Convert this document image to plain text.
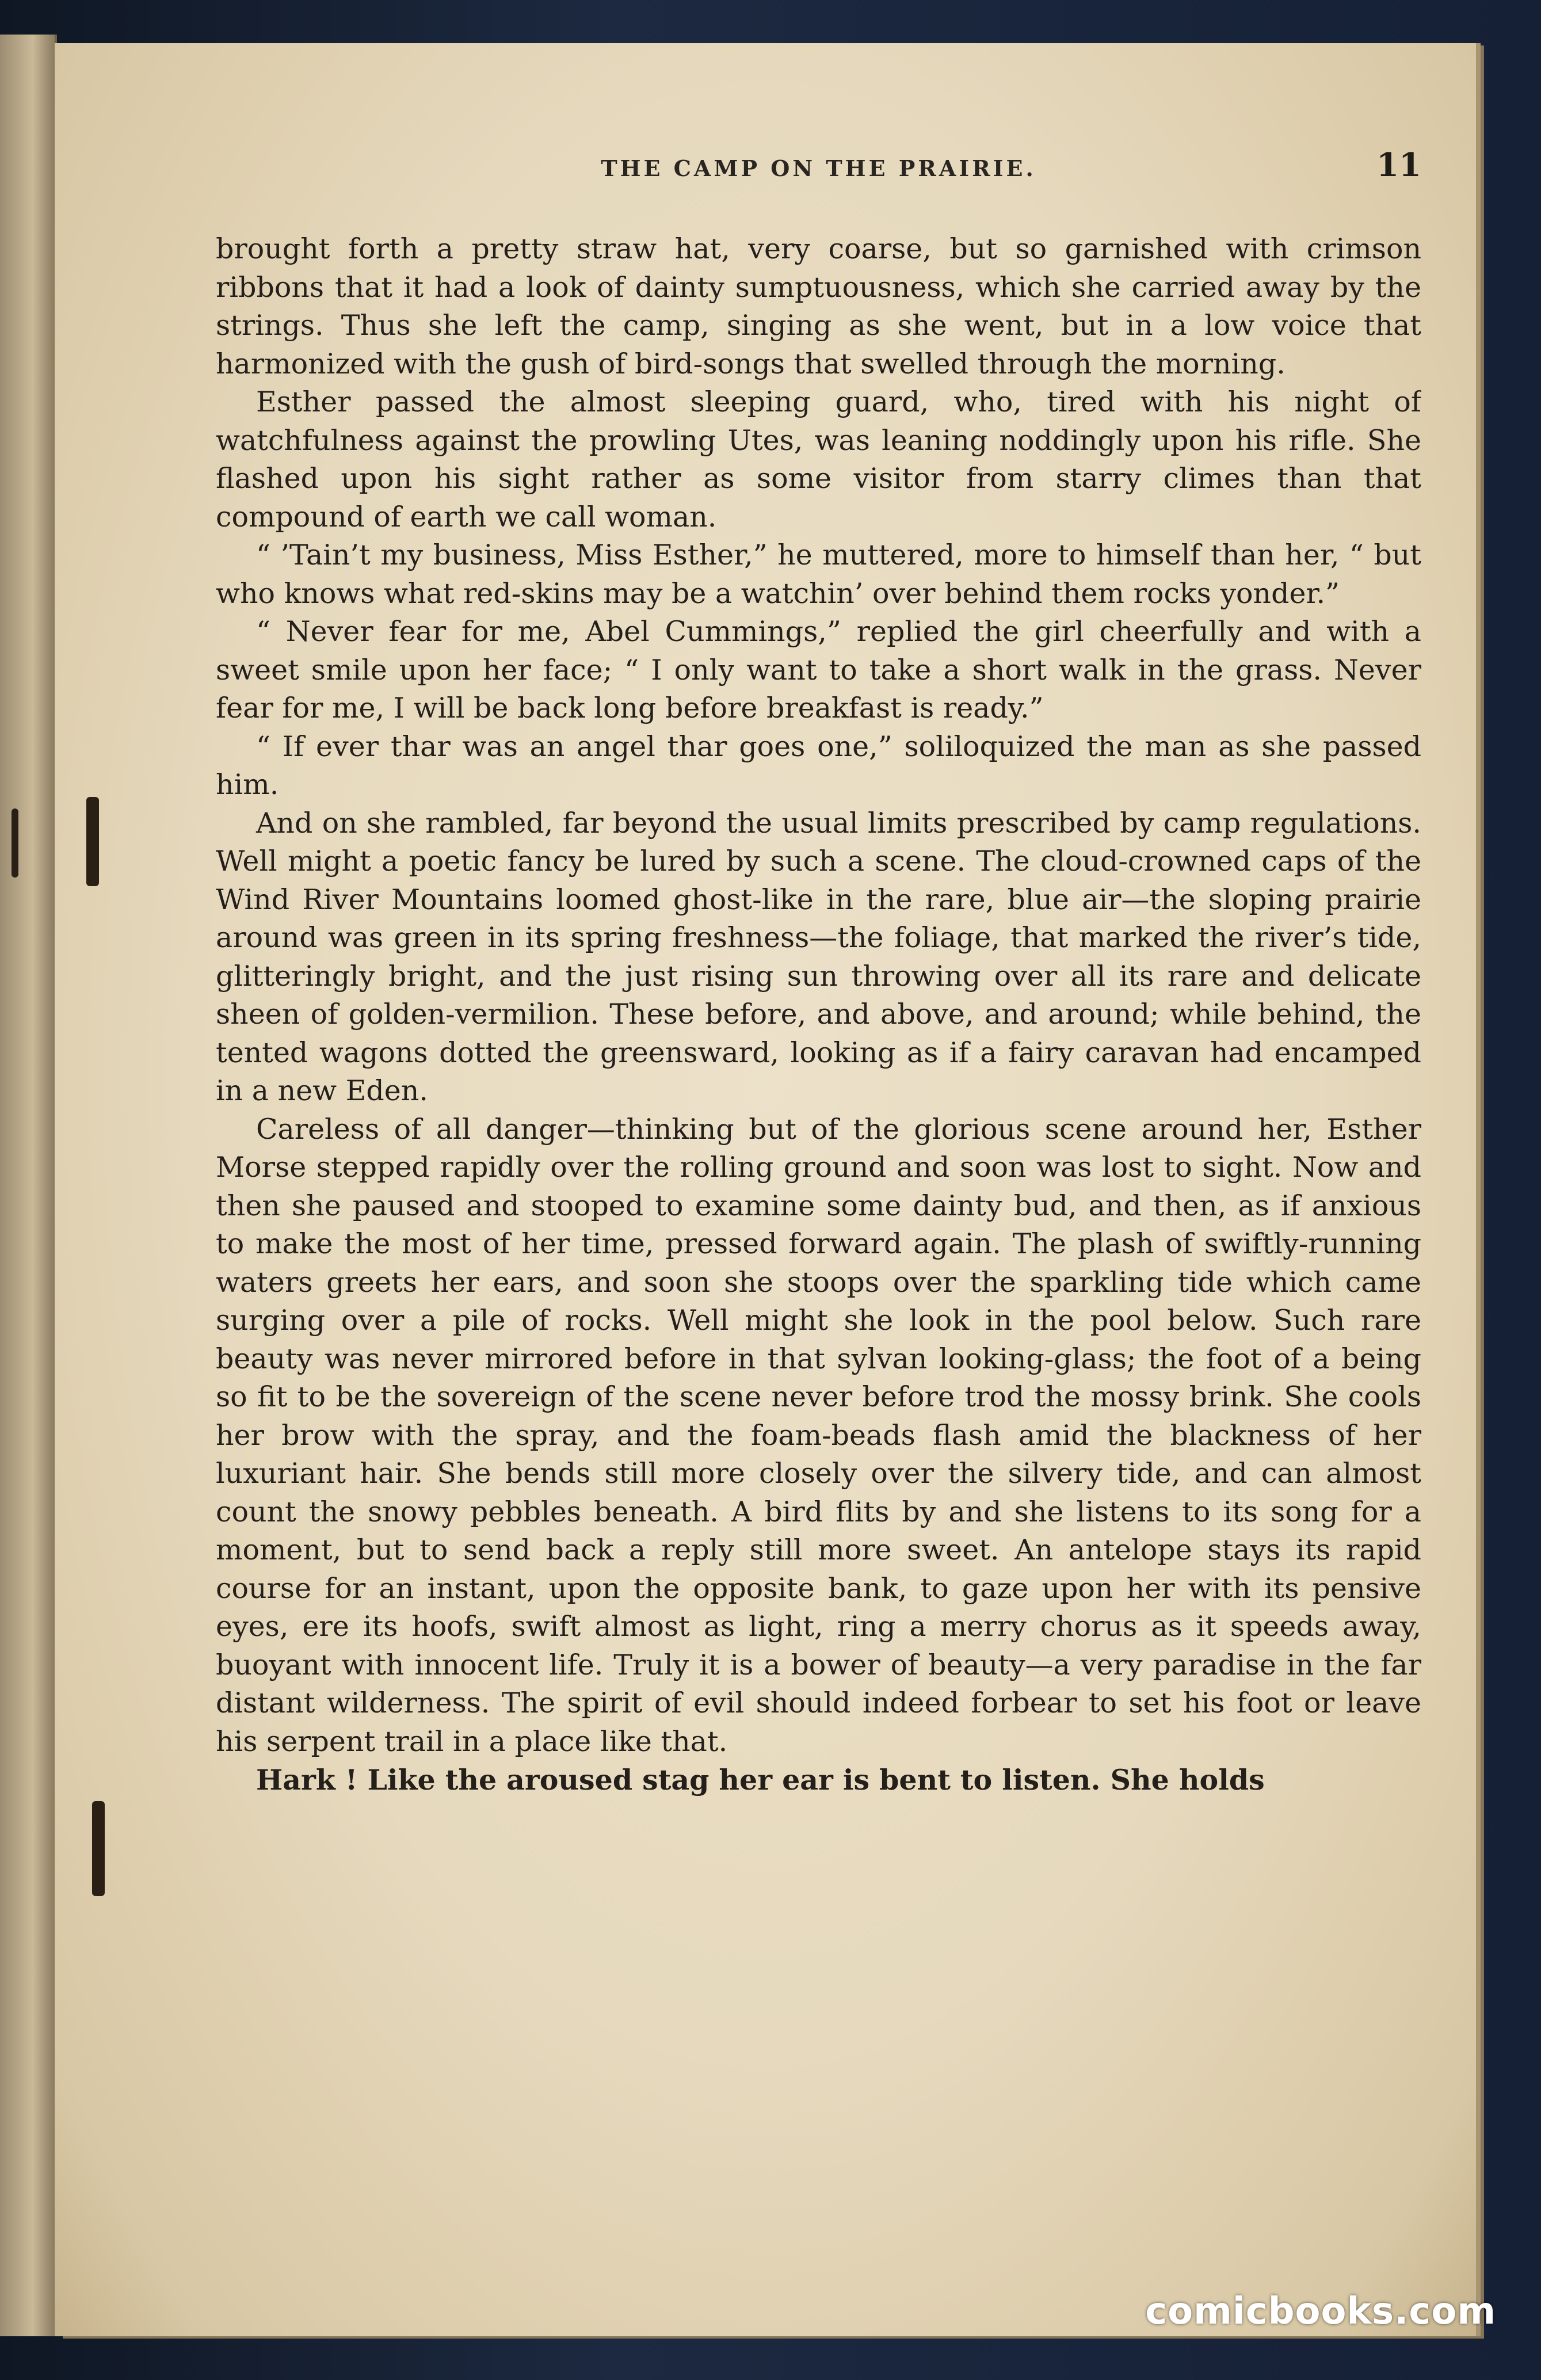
THE CAMP ON THE PRAIRIE.	11

brought forth a pretty straw hat, very coarse, but so garnished with crimson ribbons that it had a look of dainty sumptuousness, which she carried away by the strings. Thus she left the camp, singing as she went, but in a low voice that harmonized with the gush of bird-songs that swelled through the morning.

Esther passed the almost sleeping guard, who, tired with his night of watchfulness against the prowling Utes, was leaning noddingly upon his rifle. She flashed upon his sight rather as some visitor from starry climes than that compound of earth we call woman.

“ ’Tain’t my business, Miss Esther,” he muttered, more to himself than her, “ but who knows what red-skins may be a watchin’ over behind them rocks yonder.”

“ Never fear for me, Abel Cummings,” replied the girl cheerfully and with a sweet smile upon her face; “ I only want to take a short walk in the grass. Never fear for me, I will be back long before breakfast is ready.”

“ If ever thar was an angel thar goes one,” soliloquized the man as she passed him.

And on she rambled, far beyond the usual limits prescribed by camp regulations. Well might a poetic fancy be lured by such a scene. The cloud-crowned caps of the Wind River Mountains loomed ghost-like in the rare, blue air—the sloping prairie around was green in its spring freshness—the foliage, that marked the river’s tide, glitteringly bright, and the just rising sun throwing over all its rare and delicate sheen of golden-vermilion. These before, and above, and around; while behind, the tented wagons dotted the greensward, looking as if a fairy caravan had encamped in a new Eden.

Careless of all danger—thinking but of the glorious scene around her, Esther Morse stepped rapidly over the rolling ground and soon was lost to sight. Now and then she paused and stooped to examine some dainty bud, and then, as if anxious to make the most of her time, pressed forward again. The plash of swiftly-running waters greets her ears, and soon she stoops over the sparkling tide which came surging over a pile of rocks. Well might she look in the pool below. Such rare beauty was never mirrored before in that sylvan looking-glass; the foot of a being so fit to be the sovereign of the scene never before trod the mossy brink. She cools her brow with the spray, and the foam-beads flash amid the blackness of her luxuriant hair. She bends still more closely over the silvery tide, and can almost count the snowy pebbles beneath. A bird flits by and she listens to its song for a moment, but to send back a reply still more sweet. An antelope stays its rapid course for an instant, upon the opposite bank, to gaze upon her with its pensive eyes, ere its hoofs, swift almost as light, ring a merry chorus as it speeds away, buoyant with innocent life. Truly it is a bower of beauty—a very paradise in the far distant wilderness. The spirit of evil should indeed forbear to set his foot or leave his serpent trail in a place like that.

Hark ! Like the aroused stag her ear is bent to listen. She holds

comicbooks.com
